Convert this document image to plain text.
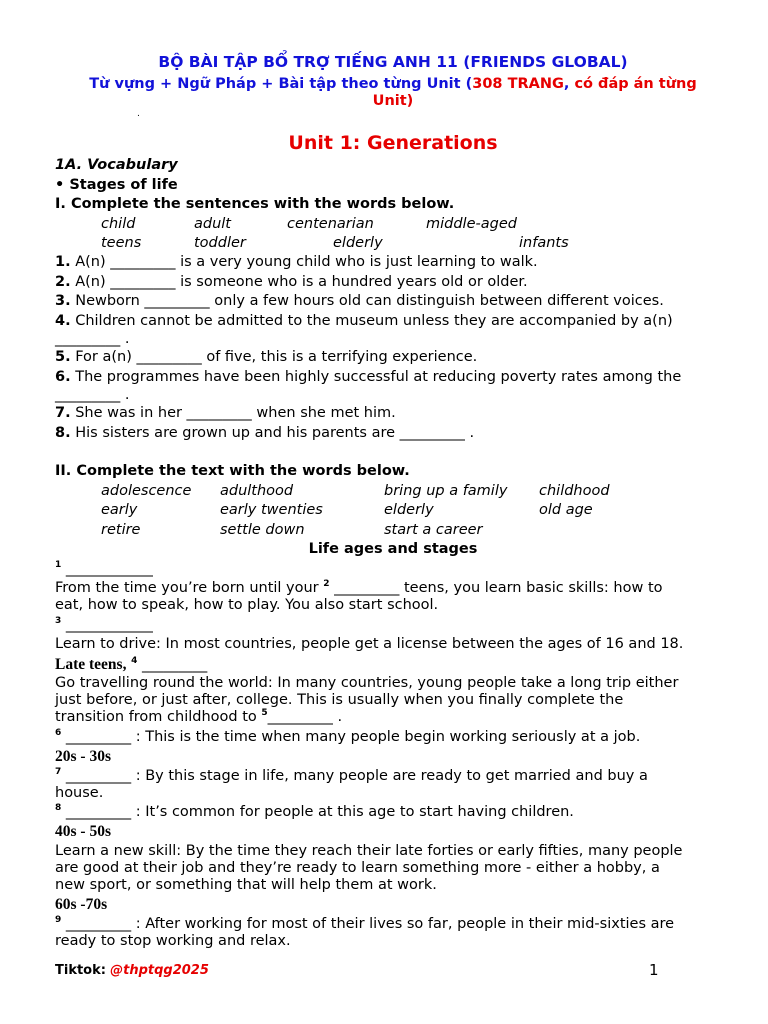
BỘ BÀI TẬP BỔ TRỢ TIẾNG ANH 11 (FRIENDS GLOBAL)
Từ vựng + Ngữ Pháp + Bài tập theo từng Unit (308 TRANG, có đáp án từng
Unit)
.
Unit 1: Generations
1A. Vocabulary
• Stages of life
I. Complete the sentences with the words below.
child	adult	centenarian	middle-aged
teens	toddler	elderly	infants
1. A(n) _________ is a very young child who is just learning to walk.
2. A(n) _________ is someone who is a hundred years old or older.
3. Newborn _________ only a few hours old can distinguish between different voices.
4. Children cannot be admitted to the museum unless they are accompanied by a(n)
_________ .
5. For a(n) _________ of five, this is a terrifying experience.
6. The programmes have been highly successful at reducing poverty rates among the
_________ .
7. She was in her _________ when she met him.
8. His sisters are grown up and his parents are _________ .
II. Complete the text with the words below.
adolescence adulthood	bring up a family childhood
early	early twenties	elderly	old age
retire	settle down	start a career
Life ages and stages
$^1$ ____________
From the time you’re born until your $^2$ _________ teens, you learn basic skills: how to
eat, how to speak, how to play. You also start school.
$^3$ ____________
Learn to drive: In most countries, people get a license between the ages of 16 and 18.
Late teens, $^4$ _________
Go travelling round the world: In many countries, young people take a long trip either
just before, or just after, college. This is usually when you finally complete the
transition from childhood to $^5$_________ .
$^6$ _________ : This is the time when many people begin working seriously at a job.
20s - 30s
$^7$ _________ : By this stage in life, many people are ready to get married and buy a
house.
$^8$ _________ : It’s common for people at this age to start having children.
40s - 50s
Learn a new skill: By the time they reach their late forties or early fifties, many people
are good at their job and they’re ready to learn something more - either a hobby, a
new sport, or something that will help them at work.
60s -70s
$^9$ _________ : After working for most of their lives so far, people in their mid-sixties are
ready to stop working and relax.
Tiktok: @thptqg2025	1
